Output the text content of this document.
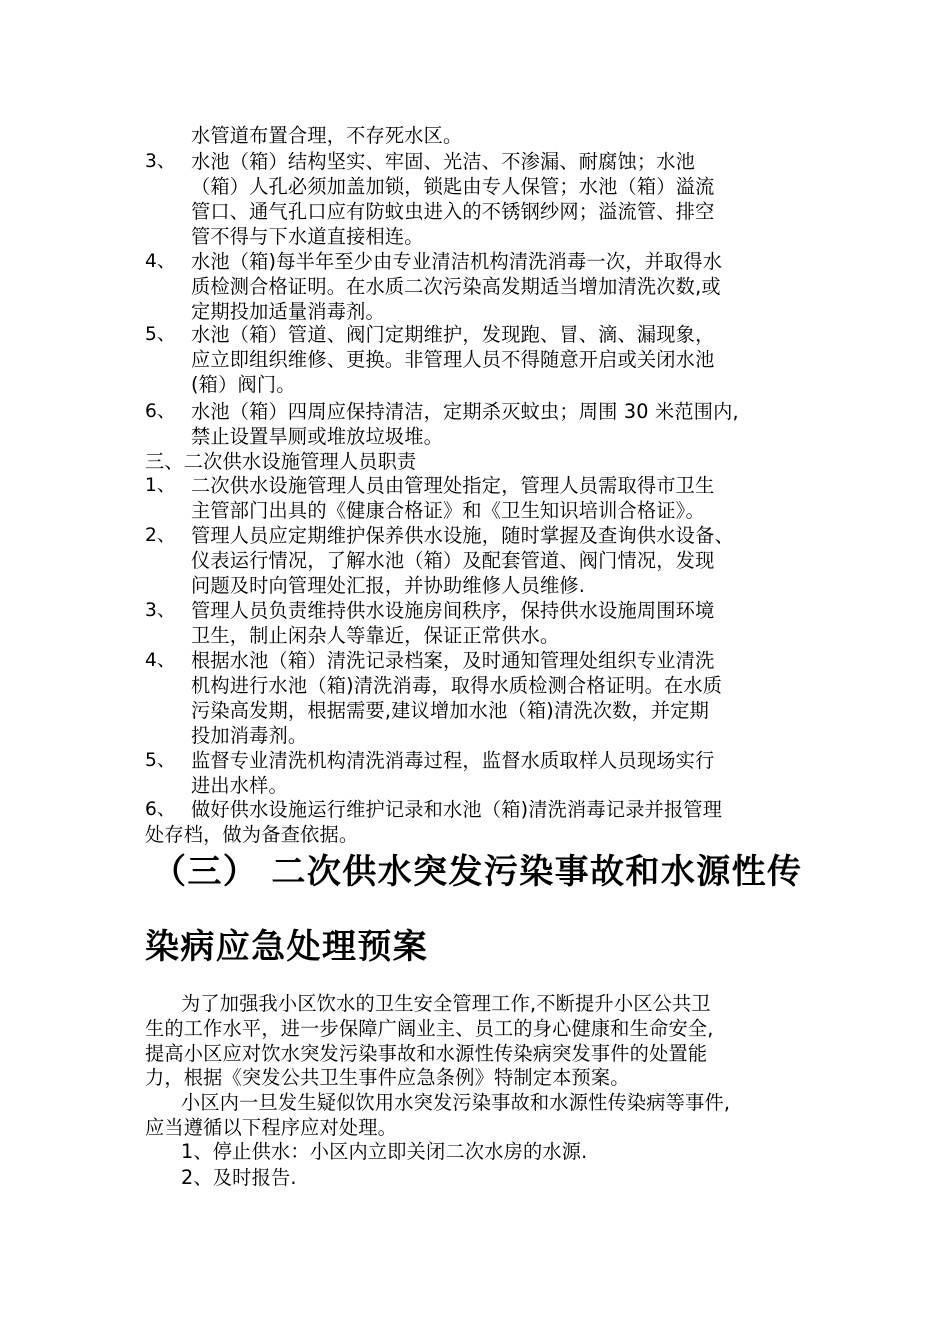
水管道布置合理，不存死水区。
3、 水池（箱）结构坚实、牢固、光洁、不渗漏、耐腐蚀；水池
（箱）人孔必须加盖加锁，锁匙由专人保管；水池（箱）溢流
管口、通气孔口应有防蚊虫进入的不锈钢纱网；溢流管、排空
管不得与下水道直接相连。
4、 水池（箱)每半年至少由专业清洁机构清洗消毒一次，并取得水
质检测合格证明。在水质二次污染高发期适当增加清洗次数,或
定期投加适量消毒剂。
5、 水池（箱）管道、阀门定期维护，发现跑、冒、滴、漏现象，
应立即组织维修、更换。非管理人员不得随意开启或关闭水池
(箱）阀门。
6、 水池（箱）四周应保持清洁，定期杀灭蚊虫；周围 30 米范围内,
禁止设置旱厕或堆放垃圾堆。
三、二次供水设施管理人员职责
1、 二次供水设施管理人员由管理处指定，管理人员需取得市卫生
主管部门出具的《健康合格证》和《卫生知识培训合格证》。
2、 管理人员应定期维护保养供水设施，随时掌握及查询供水设备、
仪表运行情况，了解水池（箱）及配套管道、阀门情况，发现
问题及时向管理处汇报，并协助维修人员维修.
3、 管理人员负责维持供水设施房间秩序，保持供水设施周围环境
卫生，制止闲杂人等靠近，保证正常供水。
4、 根据水池（箱）清洗记录档案，及时通知管理处组织专业清洗
机构进行水池（箱)清洗消毒，取得水质检测合格证明。在水质
污染高发期，根据需要,建议增加水池（箱)清洗次数，并定期
投加消毒剂。
5、 监督专业清洗机构清洗消毒过程，监督水质取样人员现场实行
进出水样。
6、 做好供水设施运行维护记录和水池（箱)清洗消毒记录并报管理
处存档，做为备查依据。
（三） 二次供水突发污染事故和水源性传
染病应急处理预案
为了加强我小区饮水的卫生安全管理工作,不断提升小区公共卫
生的工作水平，进一步保障广阔业主、员工的身心健康和生命安全,
提高小区应对饮水突发污染事故和水源性传染病突发事件的处置能
力，根据《突发公共卫生事件应急条例》特制定本预案。
小区内一旦发生疑似饮用水突发污染事故和水源性传染病等事件,
应当遵循以下程序应对处理。
1、停止供水：小区内立即关闭二次水房的水源.
2、及时报告.
